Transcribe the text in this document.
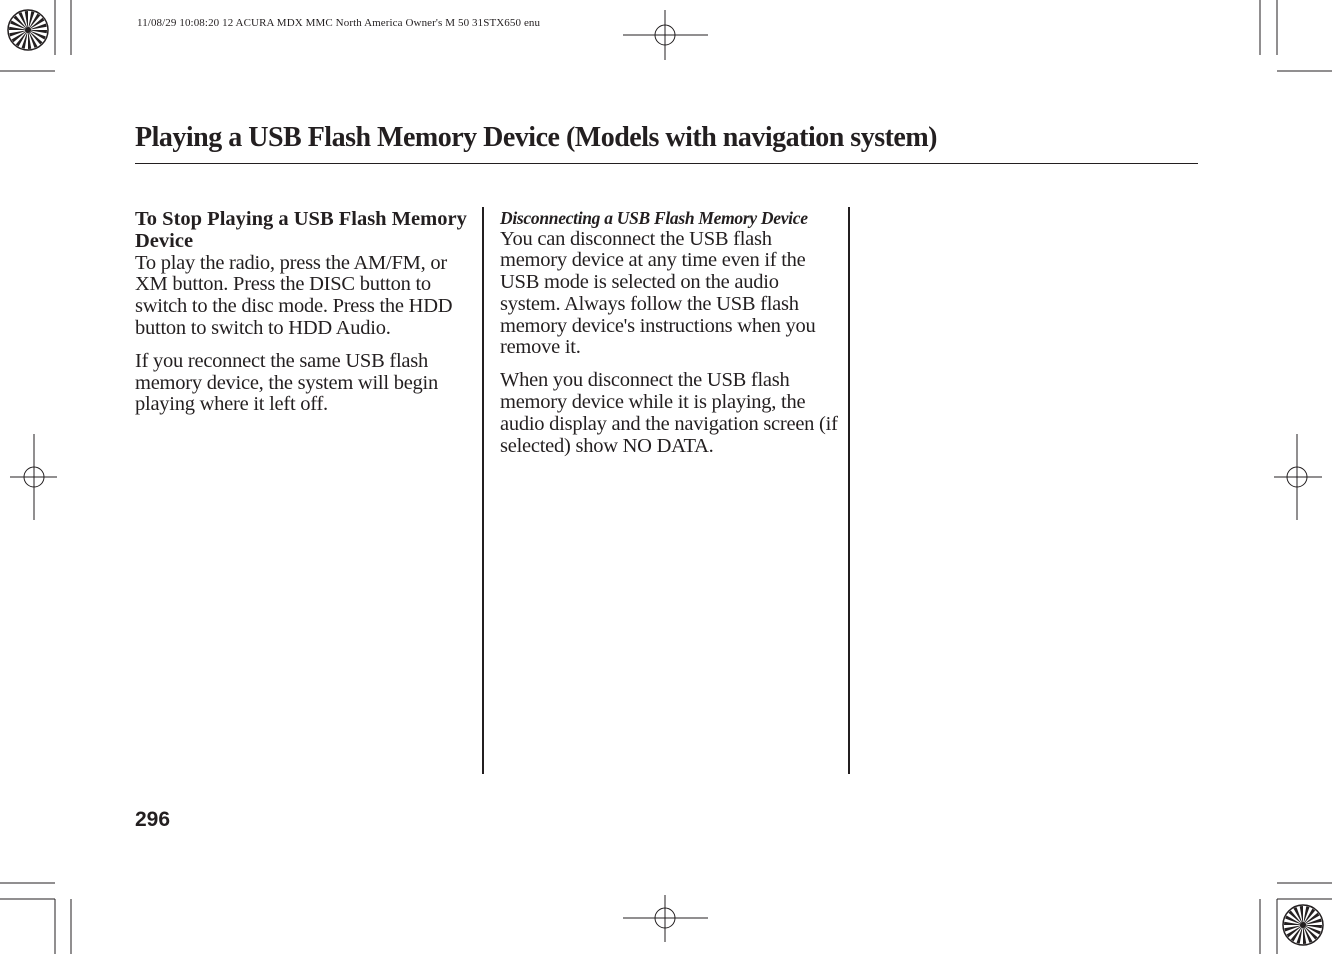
11/08/29 10:08:20 12 ACURA MDX MMC North America Owner's M 50 31STX650 enu
Playing a USB Flash Memory Device (Models with navigation system)
To Stop Playing a USB Flash Memory Device

To play the radio, press the AM/FM, or XM button. Press the DISC button to switch to the disc mode. Press the HDD button to switch to HDD Audio.

If you reconnect the same USB flash memory device, the system will begin playing where it left off.

Disconnecting a USB Flash Memory Device

You can disconnect the USB flash memory device at any time even if the USB mode is selected on the audio system. Always follow the USB flash memory device's instructions when you remove it.

When you disconnect the USB flash memory device while it is playing, the audio display and the navigation screen (if selected) show NO DATA.

296
